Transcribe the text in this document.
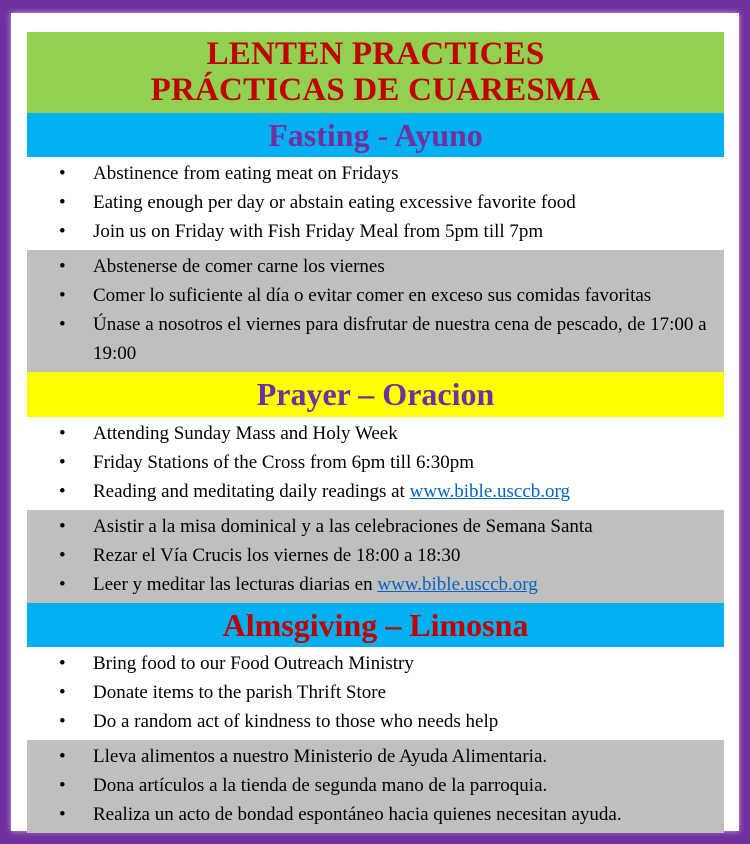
LENTEN PRACTICES
PRÁCTICAS DE CUARESMA
Fasting - Ayuno
• Abstinence from eating meat on Fridays
• Eating enough per day or abstain eating excessive favorite food
• Join us on Friday with Fish Friday Meal from 5pm till 7pm
• Abstenerse de comer carne los viernes
• Comer lo suficiente al día o evitar comer en exceso sus comidas favoritas
• Únase a nosotros el viernes para disfrutar de nuestra cena de pescado, de 17:00 a 19:00
Prayer – Oracion
• Attending Sunday Mass and Holy Week
• Friday Stations of the Cross from 6pm till 6:30pm
• Reading and meditating daily readings at www.bible.usccb.org
• Asistir a la misa dominical y a las celebraciones de Semana Santa
• Rezar el Vía Crucis los viernes de 18:00 a 18:30
• Leer y meditar las lecturas diarias en www.bible.usccb.org
Almsgiving – Limosna
• Bring food to our Food Outreach Ministry
• Donate items to the parish Thrift Store
• Do a random act of kindness to those who needs help
• Lleva alimentos a nuestro Ministerio de Ayuda Alimentaria.
• Dona artículos a la tienda de segunda mano de la parroquia.
• Realiza un acto de bondad espontáneo hacia quienes necesitan ayuda.
